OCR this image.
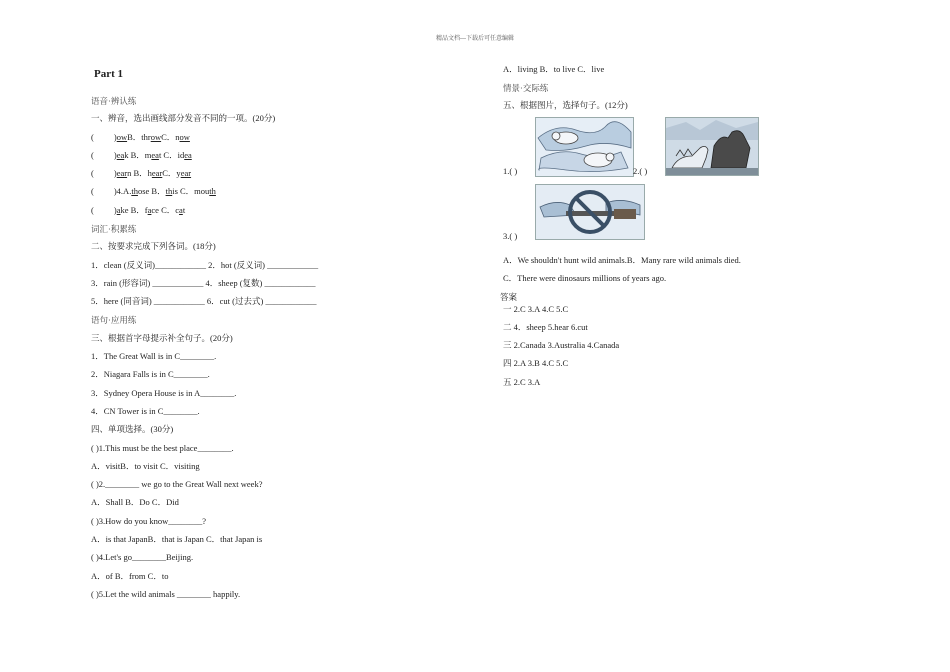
精品文档---下载后可任意编辑
Part 1
语音·辨认练
一、辨音，选出画线部分发音不同的一项。(20分)
( )owB．throwC．now
( )eak B．meat C．idea
( )earn B．hearC．year
( )4.A.those B．this C．mouth
( )ake B．face C．cat
词汇·积累练
二、按要求完成下列各词。(18分)
1．clean (反义词)____________ 2．hot (反义词) ____________
3．rain (形容词) ____________ 4．sheep (复数) ____________
5．here (同音词) ____________ 6．cut (过去式) ____________
语句·应用练
三、根据首字母提示补全句子。(20分)
1．The Great Wall is in C________.
2．Niagara Falls is in C________.
3．Sydney Opera House is in A________.
4．CN Tower is in C________.
四、单项选择。(30分)
( )1.This must be the best place________.
A．visitB．to visit C．visiting
( )2.________ we go to the Great Wall next week?
A．Shall B．Do C．Did
( )3.How do you know________?
A．is that JapanB．that is Japan C．that Japan is
( )4.Let's go________Beijing.
A．of B．from C．to
( )5.Let the wild animals ________ happily.
A．living B．to live C．live
情景·交际练
五、根据图片，选择句子。(12分)
1.( )	2.( )
3.( )
A．We shouldn't hunt wild animals.B．Many rare wild animals died.
C．There were dinosaurs millions of years ago.
答案
一 2.C 3.A 4.C 5.C
二 4．sheep 5.hear 6.cut
三 2.Canada 3.Australia 4.Canada
四 2.A 3.B 4.C 5.C
五 2.C 3.A
